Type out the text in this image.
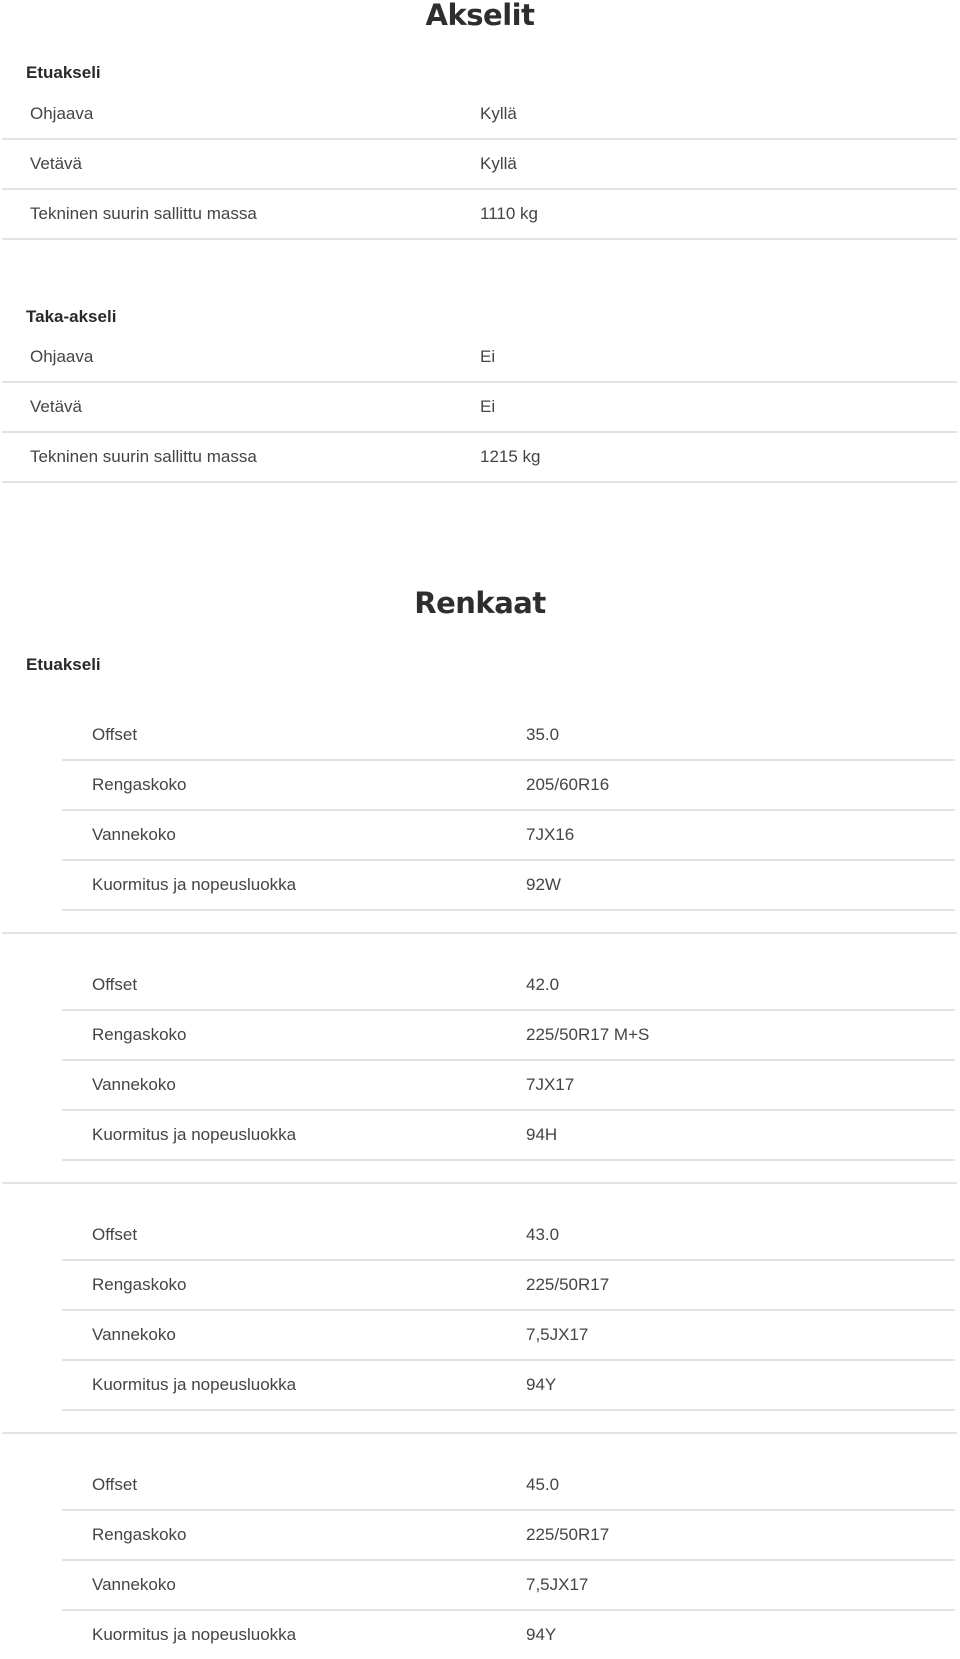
Akselit
Etuakseli
Ohjaava	Kyllä
Vetävä	Kyllä
Tekninen suurin sallittu massa	1110 kg
Taka-akseli
Ohjaava	Ei
Vetävä	Ei
Tekninen suurin sallittu massa	1215 kg
Renkaat
Etuakseli
Offset	35.0
Rengaskoko	205/60R16
Vannekoko	7JX16
Kuormitus ja nopeusluokka	92W
Offset	42.0
Rengaskoko	225/50R17 M+S
Vannekoko	7JX17
Kuormitus ja nopeusluokka	94H
Offset	43.0
Rengaskoko	225/50R17
Vannekoko	7,5JX17
Kuormitus ja nopeusluokka	94Y
Offset	45.0
Rengaskoko	225/50R17
Vannekoko	7,5JX17
Kuormitus ja nopeusluokka	94Y
